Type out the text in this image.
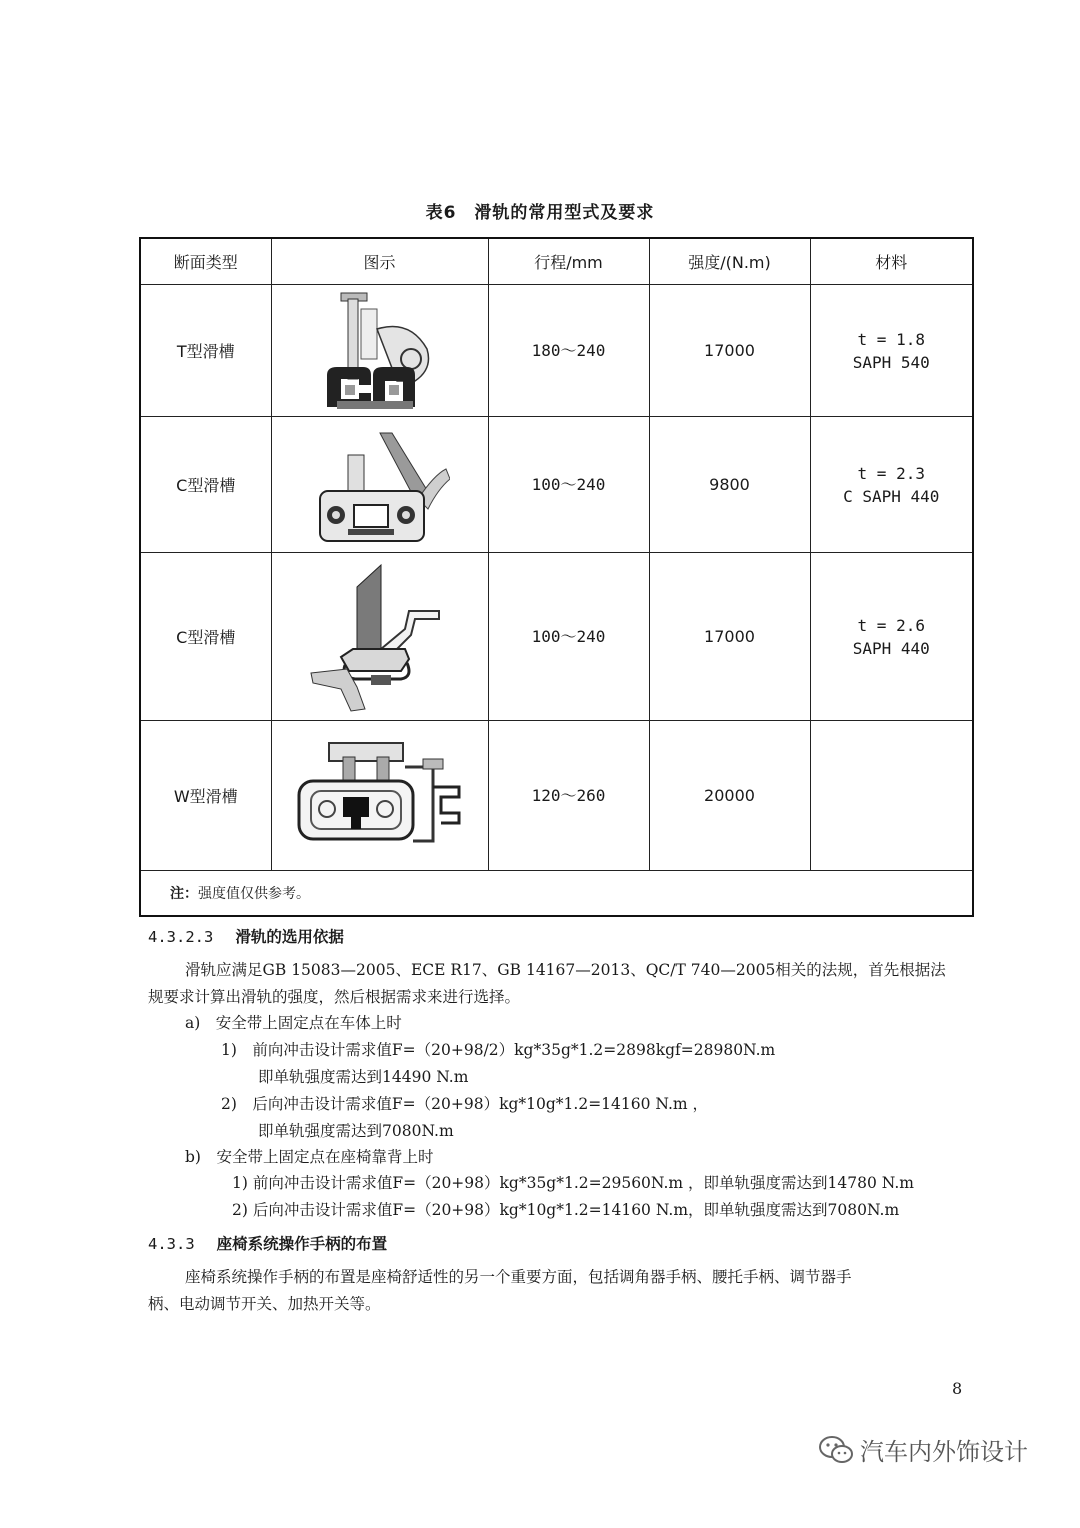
表6　滑轨的常用型式及要求
断面类型	图示	行程/mm	强度/(N.m)	材料
T型滑槽		180～240	17000	t = 1.8
SAPH 540

C型滑槽		100～240	9800	t = 2.3
C SAPH 440

C型滑槽		100～240	17000	t = 2.6
SAPH 440

W型滑槽		120～260	20000	

注：强度值仅供参考。				
4.3.2.3 滑轨的选用依据
滑轨应满足GB 15083—2005、ECE R17、GB 14167—2013、QC/T 740—2005相关的法规，首先根据法
规要求计算出滑轨的强度，然后根据需求来进行选择。
a)　安全带上固定点在车体上时
1)　前向冲击设计需求值F=（20+98/2）kg*35g*1.2=2898kgf=28980N.m
即单轨强度需达到14490 N.m
2)　后向冲击设计需求值F=（20+98）kg*10g*1.2=14160 N.m ，
即单轨强度需达到7080N.m
b)　安全带上固定点在座椅靠背上时
1) 前向冲击设计需求值F=（20+98）kg*35g*1.2=29560N.m ，即单轨强度需达到14780 N.m
2) 后向冲击设计需求值F=（20+98）kg*10g*1.2=14160 N.m，即单轨强度需达到7080N.m
4.3.3 座椅系统操作手柄的布置
座椅系统操作手柄的布置是座椅舒适性的另一个重要方面，包括调角器手柄、腰托手柄、调节器手
柄、电动调节开关、加热开关等。
8
汽车内外饰设计
